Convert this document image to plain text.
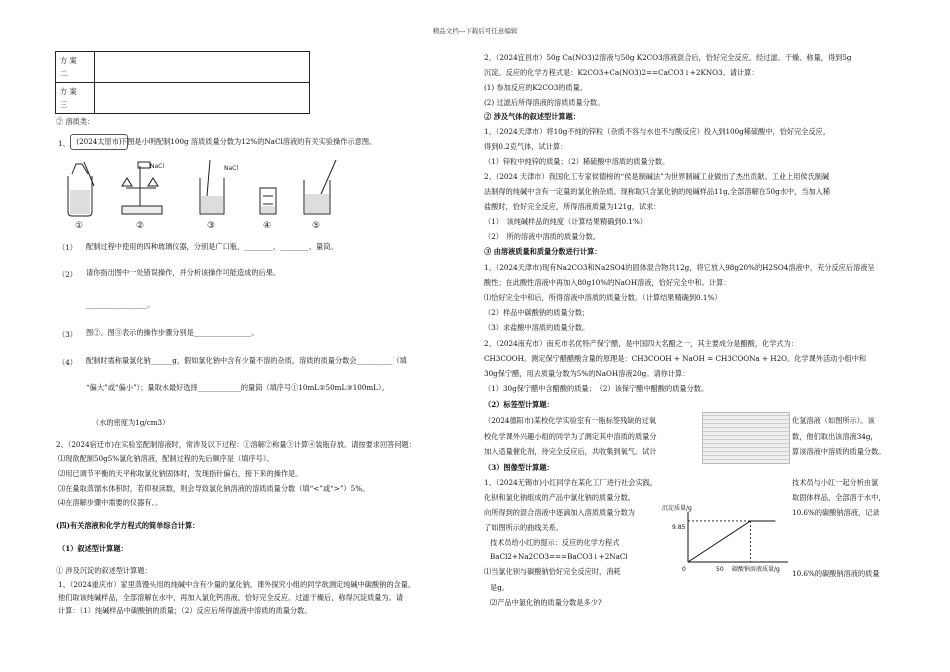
精品文档---下载后可任意编辑
方 案
二	
方 案
三	
② 溶质类：
1、 (2024太原市)
下图是小明配制100g 溶质质量分数为12%的NaCl溶液的有关实验操作示意图。
NaCl	NaCl
①	②	③	④	⑤
（1） 配制过程中使用的四种玻璃仪器，分别是广口瓶、________、________、量筒。
（2） 请你指出图中一处错误操作，并分析该操作可能造成的后果。
_________________。
（3） 图②、图③表示的操作步骤分别是________________。
（4） 配制时需称量氯化钠______g，假如氯化钠中含有少量不溶的杂质，溶质的质量分数会__________（填
“偏大”或“偏小”）；量取水最好选择____________的量筒（填序号①10mL②50mL③100mL）。
（水的密度为1g/cm3）
2、（2024宿迁市)在实验室配制溶液时，常涉及以下过程：①溶解②称量③计算④装瓶存放。请按要求回答问题：
⑴现欲配制50g5%氯化钠溶液，配制过程的先后顺序是（填序号）。
⑵用已调节平衡的天平称取氯化钠固体时，发现指针偏右，接下来的操作是。
⑶在量取蒸馏水体积时，若仰视读数，则会导致氯化钠溶液的溶质质量分数（填“<”或“>”）5%。
⑷在溶解步骤中需要的仪器有、。
(四)有关溶液和化学方程式的简单综合计算：
（1）叙述型计算题：
① 涉及沉淀的叙述型计算题：
1、（2024重庆市）家里蒸馒头用的纯碱中含有少量的氯化钠，课外探究小组的同学欲测定纯碱中碳酸钠的含量。
他们取该纯碱样品，全部溶解在水中，再加入氯化钙溶液，恰好完全反应。过滤干燥后，称得沉淀质量为。请
计算：（1）纯碱样品中碳酸钠的质量；（2）反应后所得滤液中溶质的质量分数。
2、（2024宜昌市）50g Ca(NO3)2溶液与50g K2CO3溶液混合后，恰好完全反应。经过滤、干燥、称量，得到5g
沉淀。反应的化学方程式是：K2CO3+Ca(NO3)2==CaCO3↓+2KNO3。请计算：
(1) 参加反应的K2CO3的质量。
(2) 过滤后所得溶液的溶质质量分数。
② 涉及气体的叙述型计算题：
1、（2024天津市）将10g不纯的锌粒（杂质不容与水也不与酸反应）投入到100g稀硫酸中，恰好完全反应，
得到0.2克气体，试计算：
（1）锌粒中纯锌的质量；（2）稀硫酸中溶质的质量分数。
2、（2024 天津市）我国化工专家侯德榜的“侯是制碱法”为世界制碱工业做出了杰出贡献。工业上用侯氏制碱
法制得的纯碱中含有一定量的氯化钠杂质。现称取只含氯化钠的纯碱样品11g,全部溶解在50g水中，当加入稀
盐酸时，恰好完全反应，所得溶液质量为121g，试求：
（1）　该纯碱样品的纯度（计算结果精确到0.1%）
（2）　所的溶液中溶质的质量分数。
③ 由溶液质量和质量分数进行计算：
1、（2024天津市)现有Na2CO3和Na2SO4的固体混合物共12g，将它放入98g20%的H2SO4溶液中，充分反应后溶液呈
酸性；在此酸性溶液中再加入80g10%的NaOH溶液，恰好完全中和。计算：
⑴恰好完全中和后，所得溶液中溶质的质量分数。（计算结果精确到0.1%）
（2）样品中碳酸钠的质量分数；
（3）求盐酸中溶质的质量分数。
2、（2024南充市）南充市名优特产保宁醋，是中国四大名醋之一，其主要成分是醋酸，化学式为：
CH3COOH。测定保宁醋醋酸含量的原理是：CH3COOH + NaOH = CH3COONa + H2O。化学课外活动小组中和
30g保宁醋，用去质量分数为5%的NaOH溶液20g。请你计算：
（1）30g保宁醋中含醋酸的质量；　（2）该保宁醋中醋酸的质量分数。
（2）标签型计算题：
（2024德阳市)某校化学实验室有一瓶标签残缺的过氧	化氢溶液（如图所示）。该
校化学课外兴趣小组的同学为了测定其中溶质的质量分	数，他们取出该溶液34g，
加入适量催化剂，待完全反应后，共收集到氧气。试计	算该溶液中溶质的质量分数。
（3）图像型计算题：
1、（2024无锡市)小红同学在某化工厂进行社会实践，	技术员与小红一起分析由氯
化钡和氯化钠组成的产品中氯化钠的质量分数。	取固体样品，全部溶于水中，
向所得到的混合溶液中逐滴加入溶质质量分数为	10.6%的碳酸钠溶液，记录
了如图所示的曲线关系。
技术员给小红的提示：反应的化学方程式
BaCl2+Na2CO3===BaCO3↓+2NaCl
⑴当氯化钡与碳酸钠恰好完全反应时，消耗	10.6%的碳酸钠溶液的质量
是g。
⑵产品中氯化钠的质量分数是多少?
沉淀质量/g
9.85
0	50 碳酸钠溶液质量/g
